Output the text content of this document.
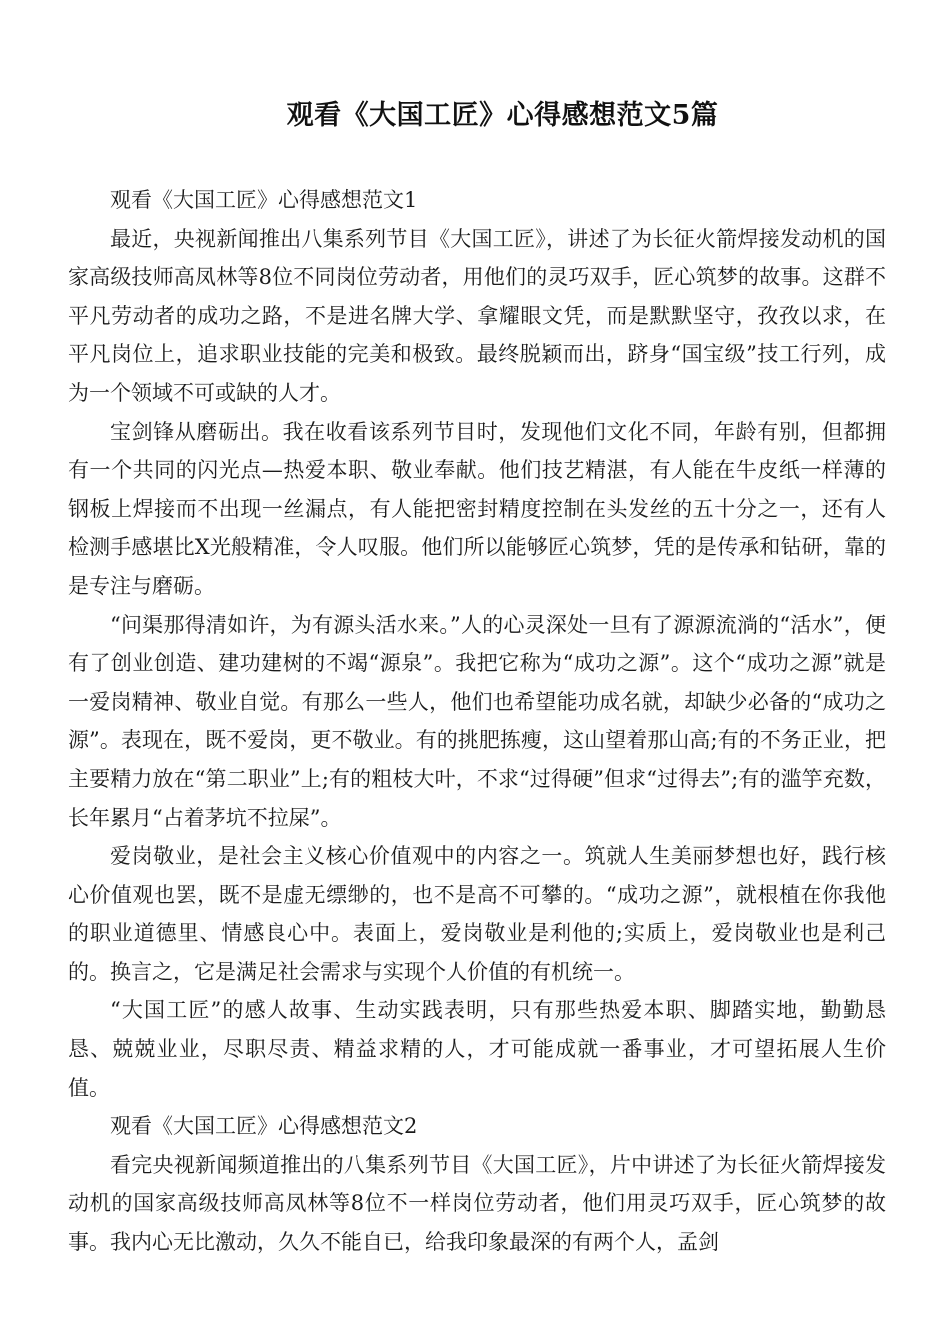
观看《大国工匠》心得感想范文5篇

观看《大国工匠》心得感想范文1

最近，央视新闻推出八集系列节目《大国工匠》，讲述了为长征火箭焊接发动机的国家高级技师高凤林等8位不同岗位劳动者，用他们的灵巧双手，匠心筑梦的故事。这群不平凡劳动者的成功之路，不是进名牌大学、拿耀眼文凭，而是默默坚守，孜孜以求，在平凡岗位上，追求职业技能的完美和极致。最终脱颖而出，跻身“国宝级”技工行列，成为一个领域不可或缺的人才。

宝剑锋从磨砺出。我在收看该系列节目时，发现他们文化不同，年龄有别，但都拥有一个共同的闪光点—热爱本职、敬业奉献。他们技艺精湛，有人能在牛皮纸一样薄的钢板上焊接而不出现一丝漏点，有人能把密封精度控制在头发丝的五十分之一，还有人检测手感堪比X光般精准，令人叹服。他们所以能够匠心筑梦，凭的是传承和钻研，靠的是专注与磨砺。

“问渠那得清如许，为有源头活水来。”人的心灵深处一旦有了源源流淌的“活水”，便有了创业创造、建功建树的不竭“源泉”。我把它称为“成功之源”。这个“成功之源”就是一爱岗精神、敬业自觉。有那么一些人，他们也希望能功成名就，却缺少必备的“成功之源”。表现在，既不爱岗，更不敬业。有的挑肥拣瘦，这山望着那山高;有的不务正业，把主要精力放在“第二职业”上;有的粗枝大叶，不求“过得硬”但求“过得去”;有的滥竽充数，长年累月“占着茅坑不拉屎”。

爱岗敬业，是社会主义核心价值观中的内容之一。筑就人生美丽梦想也好，践行核心价值观也罢，既不是虚无缥缈的，也不是高不可攀的。“成功之源”，就根植在你我他的职业道德里、情感良心中。表面上，爱岗敬业是利他的;实质上，爱岗敬业也是利己的。换言之，它是满足社会需求与实现个人价值的有机统一。

“大国工匠”的感人故事、生动实践表明，只有那些热爱本职、脚踏实地，勤勤恳恳、兢兢业业，尽职尽责、精益求精的人，才可能成就一番事业，才可望拓展人生价值。

观看《大国工匠》心得感想范文2

看完央视新闻频道推出的八集系列节目《大国工匠》，片中讲述了为长征火箭焊接发动机的国家高级技师高凤林等8位不一样岗位劳动者，他们用灵巧双手，匠心筑梦的故事。我内心无比激动，久久不能自已，给我印象最深的有两个人，孟剑
